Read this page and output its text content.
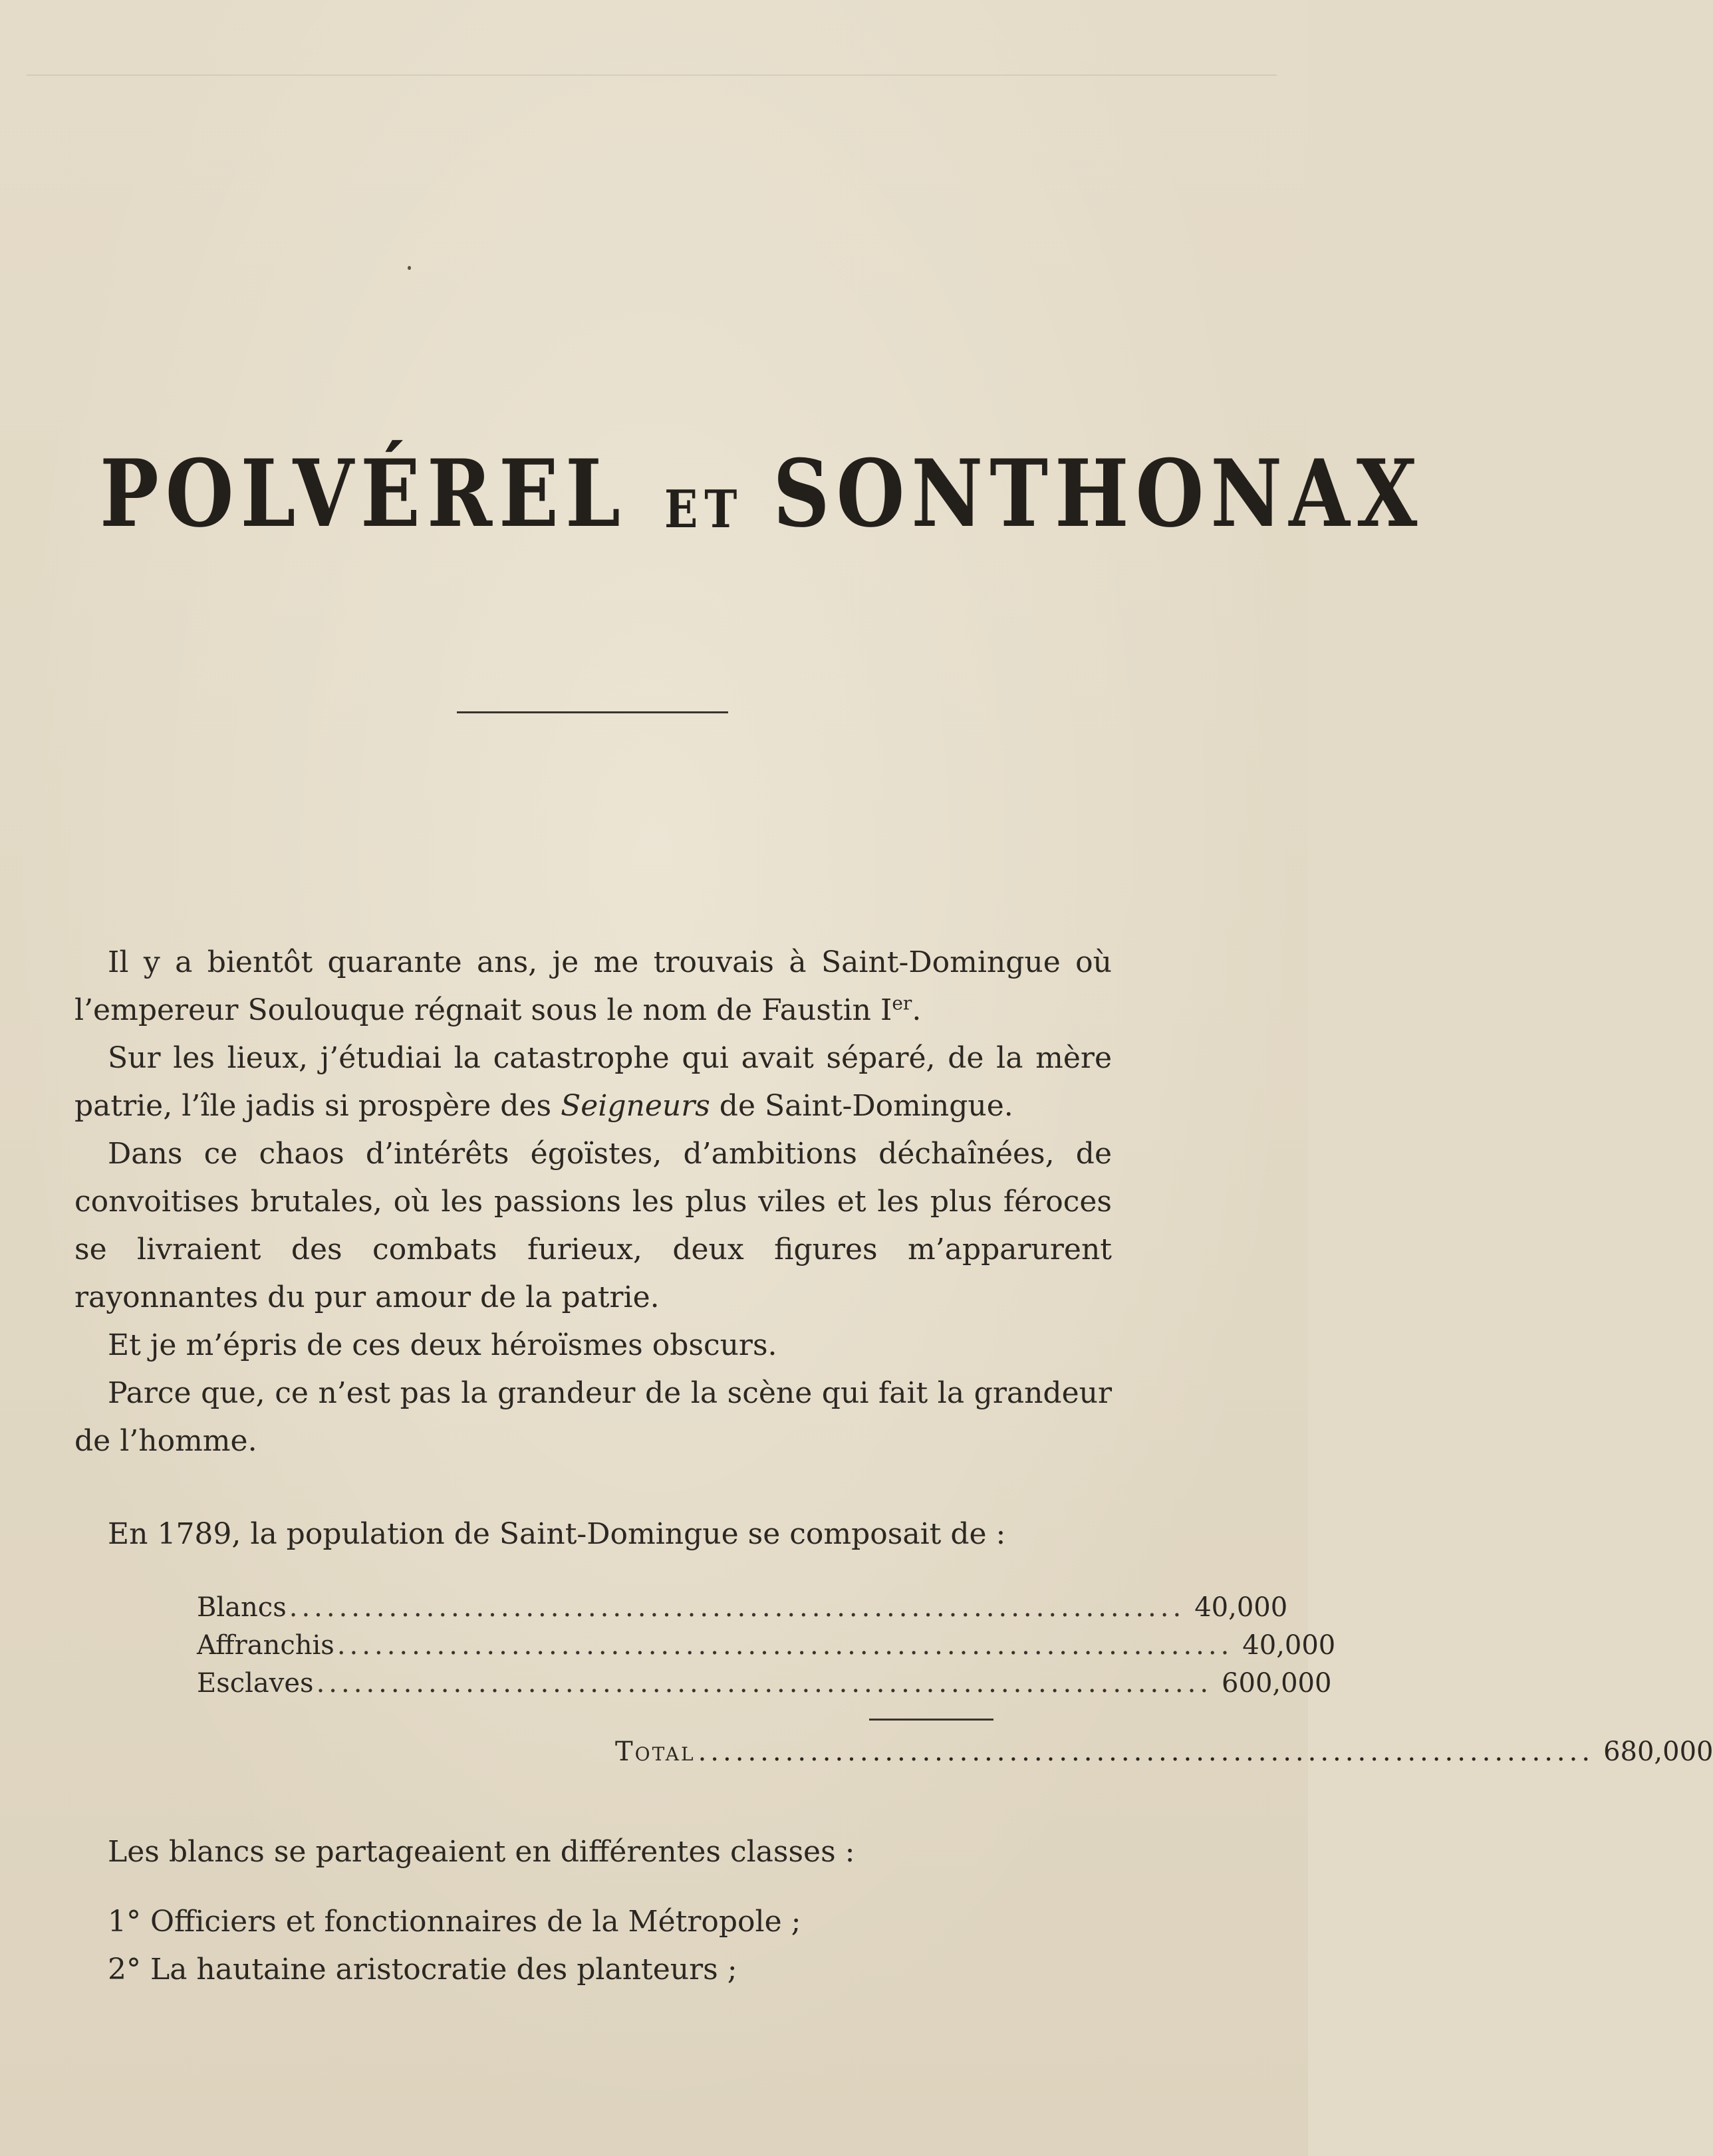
POLVÉREL ET SONTHONAX

Il y a bientôt quarante ans, je me trouvais à Saint-Domingue où l’empereur Soulouque régnait sous le nom de Faustin Ier.

Sur les lieux, j’étudiai la catastrophe qui avait séparé, de la mère patrie, l’île jadis si prospère des Seigneurs de Saint-Domingue.

Dans ce chaos d’intérêts égoïstes, d’ambitions déchaînées, de convoitises brutales, où les passions les plus viles et les plus féroces se livraient des combats furieux, deux figures m’apparurent rayonnantes du pur amour de la patrie.

Et je m’épris de ces deux héroïsmes obscurs.

Parce que, ce n’est pas la grandeur de la scène qui fait la grandeur de l’homme.

En 1789, la population de Saint-Domingue se composait de :
Blancs ........................................................................ 40,000
Affranchis ........................................................................ 40,000
Esclaves ........................................................................ 600,000
Total ........................................................................ 680,000
Les blancs se partageaient en différentes classes :
1° Officiers et fonctionnaires de la Métropole ;
2° La hautaine aristocratie des planteurs ;
